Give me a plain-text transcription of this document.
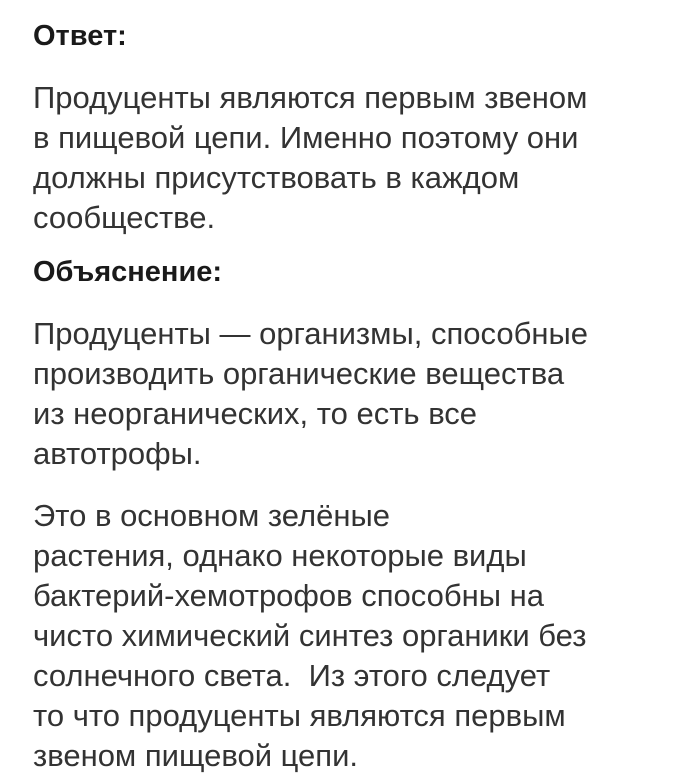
Ответ:

Продуценты являются первым звеном
в пищевой цепи. Именно поэтому они
должны присутствовать в каждом
сообществе.

Объяснение:

Продуценты — организмы, способные
производить органические вещества
из неорганических, то есть все
автотрофы.

Это в основном зелёные
растения, однако некоторые виды
бактерий-хемотрофов способны на
чисто химический синтез органики без
солнечного света.  Из этого следует
то что продуценты являются первым
звеном пищевой цепи.
